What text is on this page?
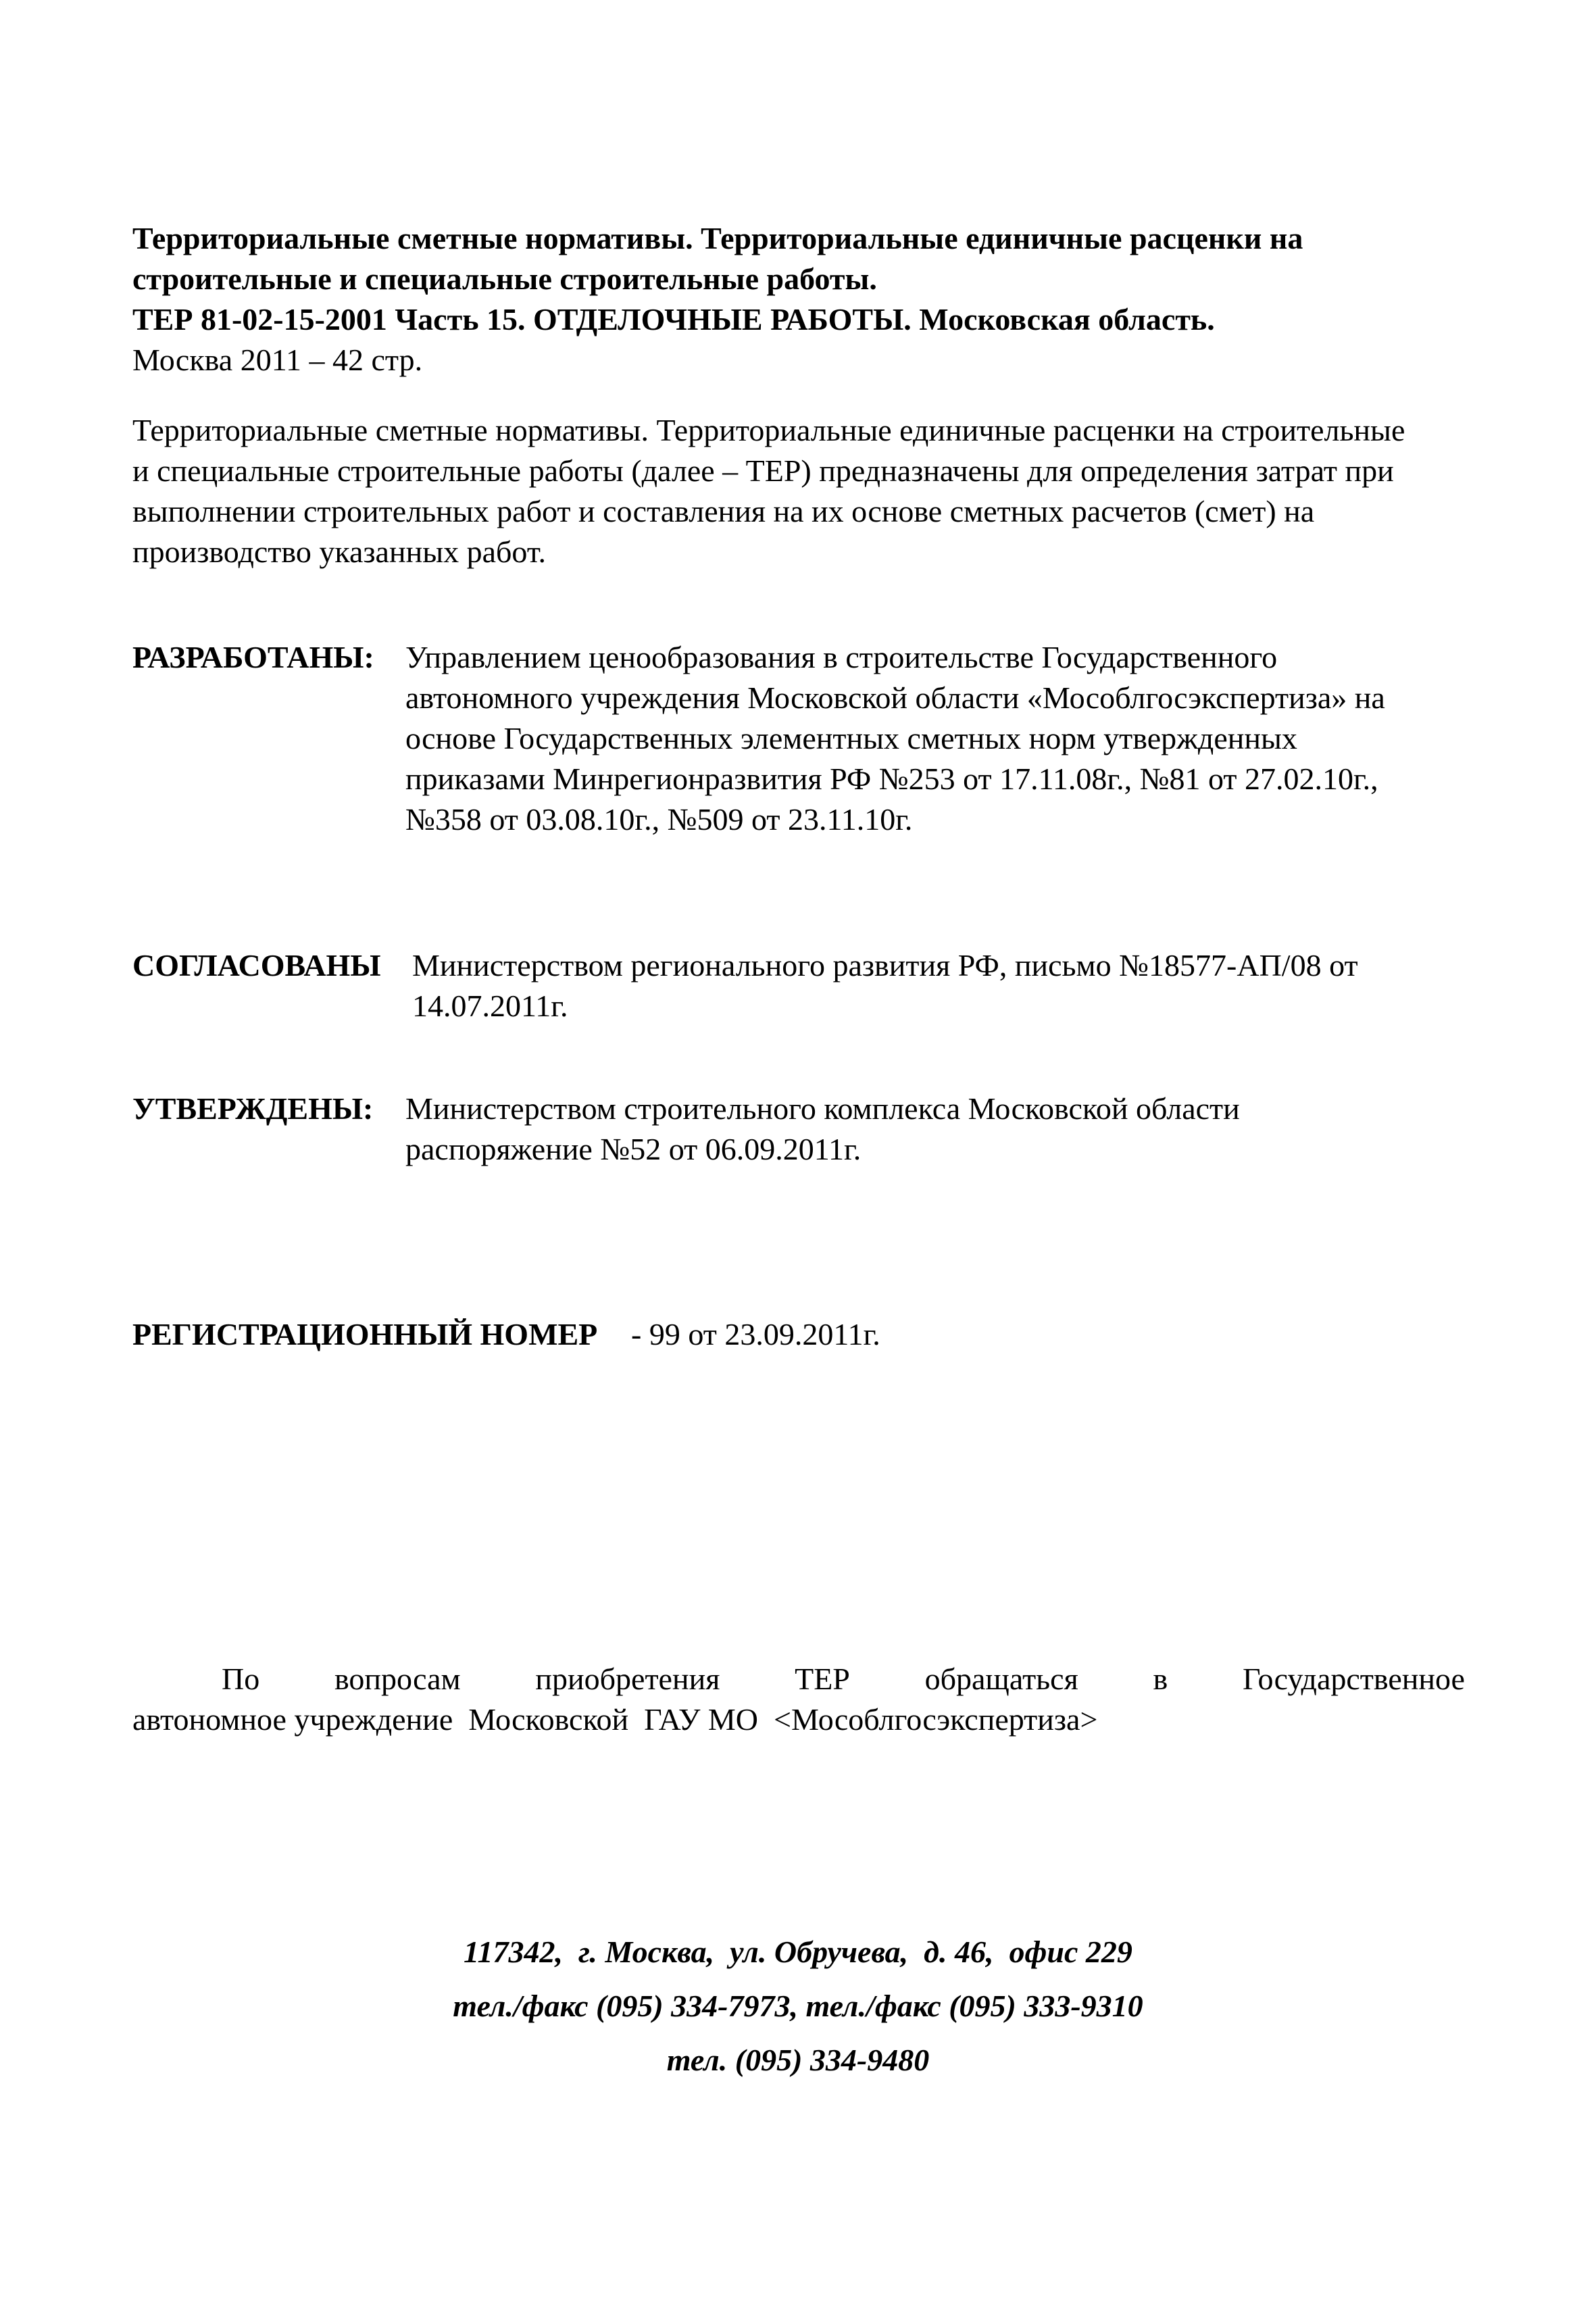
Территориальные сметные нормативы. Территориальные единичные расценки на
строительные и специальные строительные работы.
ТЕР 81-02-15-2001 Часть 15. ОТДЕЛОЧНЫЕ РАБОТЫ. Московская область.
Москва 2011 – 42 стр.
Территориальные сметные нормативы. Территориальные единичные расценки на строительные
и специальные строительные работы (далее – ТЕР) предназначены для определения затрат при
выполнении строительных работ и составления на их основе сметных расчетов (смет) на
производство указанных работ.
РАЗРАБОТАНЫ: Управлением ценообразования в строительстве Государственного
автономного учреждения Московской области «Мособлгосэкспертиза» на
основе Государственных элементных сметных норм утвержденных
приказами Минрегионразвития РФ №253 от 17.11.08г., №81 от 27.02.10г.,
№358 от 03.08.10г., №509 от 23.11.10г.
СОГЛАСОВАНЫ Министерством регионального развития РФ, письмо №18577-АП/08 от
14.07.2011г.
УТВЕРЖДЕНЫ: Министерством строительного комплекса Московской области
распоряжение №52 от 06.09.2011г.
РЕГИСТРАЦИОННЫЙ НОМЕР - 99 от 23.09.2011г.
По вопросам приобретения ТЕР обращаться в Государственное
автономное учреждение  Московской  ГАУ МО  <Мособлгосэкспертиза>
117342,  г. Москва,  ул. Обручева,  д. 46,  офис 229
тел./факс (095) 334-7973, тел./факс (095) 333-9310
тел. (095) 334-9480
